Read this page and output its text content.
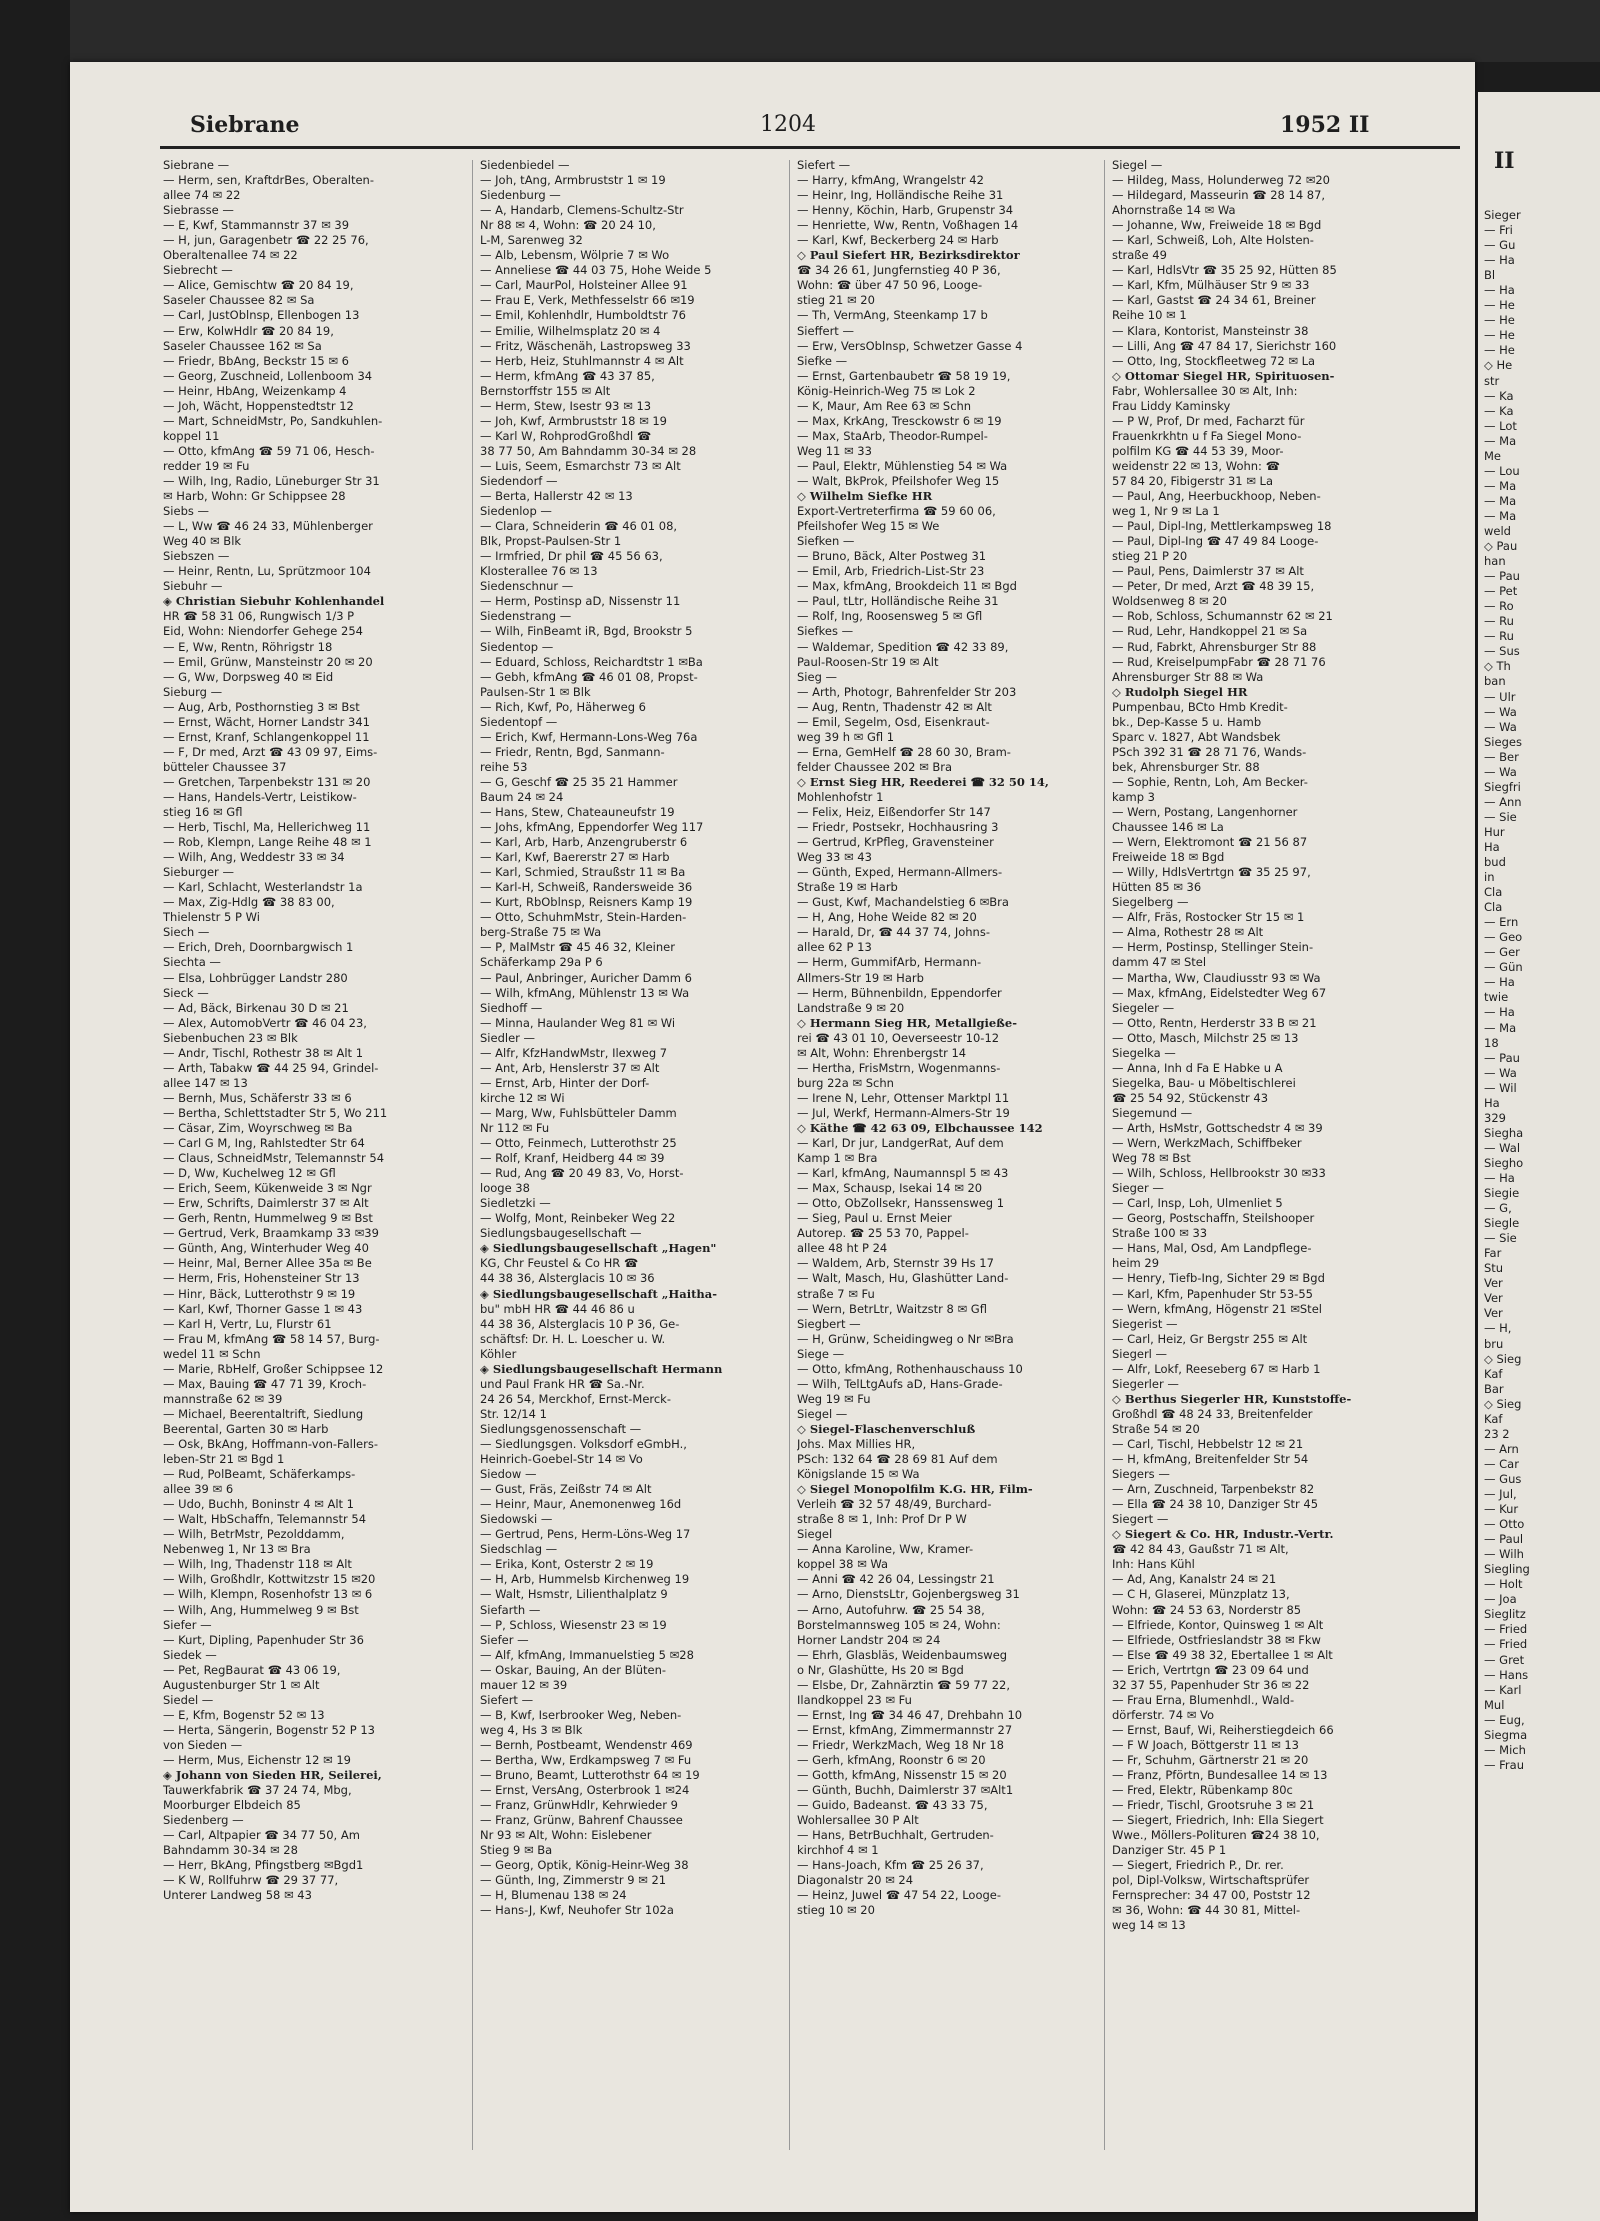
Siebrane	1204	1952 II
Siebrane —
— Herm, sen, KraftdrBes, Oberalten-
allee 74 ✉ 22
Siebrasse —
— E, Kwf, Stammannstr 37 ✉ 39
— H, jun, Garagenbetr ☎ 22 25 76,
Oberaltenallee 74 ✉ 22
Siebrecht —
— Alice, Gemischtw ☎ 20 84 19,
Saseler Chaussee 82 ✉ Sa
— Carl, JustOblnsp, Ellenbogen 13
— Erw, KolwHdlr ☎ 20 84 19,
Saseler Chaussee 162 ✉ Sa
— Friedr, BbAng, Beckstr 15 ✉ 6
— Georg, Zuschneid, Lollenboom 34
— Heinr, HbAng, Weizenkamp 4
— Joh, Wächt, Hoppenstedtstr 12
— Mart, SchneidMstr, Po, Sandkuhlen-
koppel 11
— Otto, kfmAng ☎ 59 71 06, Hesch-
redder 19 ✉ Fu
— Wilh, Ing, Radio, Lüneburger Str 31
✉ Harb, Wohn: Gr Schippsee 28
Siebs —
— L, Ww ☎ 46 24 33, Mühlenberger
Weg 40 ✉ Blk
Siebszen —
— Heinr, Rentn, Lu, Sprützmoor 104
Siebuhr —
◈ Christian Siebuhr Kohlenhandel
HR ☎ 58 31 06, Rungwisch 1/3 P
Eid, Wohn: Niendorfer Gehege 254
— E, Ww, Rentn, Röhrigstr 18
— Emil, Grünw, Mansteinstr 20 ✉ 20
— G, Ww, Dorpsweg 40 ✉ Eid
Sieburg —
— Aug, Arb, Posthornstieg 3 ✉ Bst
— Ernst, Wächt, Horner Landstr 341
— Ernst, Kranf, Schlangenkoppel 11
— F, Dr med, Arzt ☎ 43 09 97, Eims-
bütteler Chaussee 37
— Gretchen, Tarpenbekstr 131 ✉ 20
— Hans, Handels-Vertr, Leistikow-
stieg 16 ✉ Gfl
— Herb, Tischl, Ma, Hellerichweg 11
— Rob, Klempn, Lange Reihe 48 ✉ 1
— Wilh, Ang, Weddestr 33 ✉ 34
Sieburger —
— Karl, Schlacht, Westerlandstr 1a
— Max, Zig-Hdlg ☎ 38 83 00,
Thielenstr 5 P Wi
Siech —
— Erich, Dreh, Doornbargwisch 1
Siechta —
— Elsa, Lohbrügger Landstr 280
Sieck —
— Ad, Bäck, Birkenau 30 D ✉ 21
— Alex, AutomobVertr ☎ 46 04 23,
Siebenbuchen 23 ✉ Blk
— Andr, Tischl, Rothestr 38 ✉ Alt 1
— Arth, Tabakw ☎ 44 25 94, Grindel-
allee 147 ✉ 13
— Bernh, Mus, Schäferstr 33 ✉ 6
— Bertha, Schlettstadter Str 5, Wo 211
— Cäsar, Zim, Woyrschweg ✉ Ba
— Carl G M, Ing, Rahlstedter Str 64
— Claus, SchneidMstr, Telemannstr 54
— D, Ww, Kuchelweg 12 ✉ Gfl
— Erich, Seem, Kükenweide 3 ✉ Ngr
— Erw, Schrifts, Daimlerstr 37 ✉ Alt
— Gerh, Rentn, Hummelweg 9 ✉ Bst
— Gertrud, Verk, Braamkamp 33 ✉39
— Günth, Ang, Winterhuder Weg 40
— Heinr, Mal, Berner Allee 35a ✉ Be
— Herm, Fris, Hohensteiner Str 13
— Hinr, Bäck, Lutterothstr 9 ✉ 19
— Karl, Kwf, Thorner Gasse 1 ✉ 43
— Karl H, Vertr, Lu, Flurstr 61
— Frau M, kfmAng ☎ 58 14 57, Burg-
wedel 11 ✉ Schn
— Marie, RbHelf, Großer Schippsee 12
— Max, Bauing ☎ 47 71 39, Kroch-
mannstraße 62 ✉ 39
— Michael, Beerentaltrift, Siedlung
Beerental, Garten 30 ✉ Harb
— Osk, BkAng, Hoffmann-von-Fallers-
leben-Str 21 ✉ Bgd 1
— Rud, PolBeamt, Schäferkamps-
allee 39 ✉ 6
— Udo, Buchh, Boninstr 4 ✉ Alt 1
— Walt, HbSchaffn, Telemannstr 54
— Wilh, BetrMstr, Pezolddamm,
Nebenweg 1, Nr 13 ✉ Bra
— Wilh, Ing, Thadenstr 118 ✉ Alt
— Wilh, Großhdlr, Kottwitzstr 15 ✉20
— Wilh, Klempn, Rosenhofstr 13 ✉ 6
— Wilh, Ang, Hummelweg 9 ✉ Bst
Siefer —
— Kurt, Dipling, Papenhuder Str 36
Siedek —
— Pet, RegBaurat ☎ 43 06 19,
Augustenburger Str 1 ✉ Alt
Siedel —
— E, Kfm, Bogenstr 52 ✉ 13
— Herta, Sängerin, Bogenstr 52 P 13
von Sieden —
— Herm, Mus, Eichenstr 12 ✉ 19
◈ Johann von Sieden HR, Seilerei,
Tauwerkfabrik ☎ 37 24 74, Mbg,
Moorburger Elbdeich 85
Siedenberg —
— Carl, Altpapier ☎ 34 77 50, Am
Bahndamm 30-34 ✉ 28
— Herr, BkAng, Pfingstberg ✉Bgd1
— K W, Rollfuhrw ☎ 29 37 77,
Unterer Landweg 58 ✉ 43
Siedenbiedel —
— Joh, tAng, Armbruststr 1 ✉ 19
Siedenburg —
— A, Handarb, Clemens-Schultz-Str
Nr 88 ✉ 4, Wohn: ☎ 20 24 10,
L-M, Sarenweg 32
— Alb, Lebensm, Wölprie 7 ✉ Wo
— Anneliese ☎ 44 03 75, Hohe Weide 5
— Carl, MaurPol, Holsteiner Allee 91
— Frau E, Verk, Methfesselstr 66 ✉19
— Emil, Kohlenhdlr, Humboldtstr 76
— Emilie, Wilhelmsplatz 20 ✉ 4
— Fritz, Wäschenäh, Lastropsweg 33
— Herb, Heiz, Stuhlmannstr 4 ✉ Alt
— Herm, kfmAng ☎ 43 37 85,
Bernstorffstr 155 ✉ Alt
— Herm, Stew, Isestr 93 ✉ 13
— Joh, Kwf, Armbruststr 18 ✉ 19
— Karl W, RohprodGroßhdl ☎
38 77 50, Am Bahndamm 30-34 ✉ 28
— Luis, Seem, Esmarchstr 73 ✉ Alt
Siedendorf —
— Berta, Hallerstr 42 ✉ 13
Siedenlop —
— Clara, Schneiderin ☎ 46 01 08,
Blk, Propst-Paulsen-Str 1
— Irmfried, Dr phil ☎ 45 56 63,
Klosterallee 76 ✉ 13
Siedenschnur —
— Herm, Postinsp aD, Nissenstr 11
Siedenstrang —
— Wilh, FinBeamt iR, Bgd, Brookstr 5
Siedentop —
— Eduard, Schloss, Reichardtstr 1 ✉Ba
— Gebh, kfmAng ☎ 46 01 08, Propst-
Paulsen-Str 1 ✉ Blk
— Rich, Kwf, Po, Häherweg 6
Siedentopf —
— Erich, Kwf, Hermann-Lons-Weg 76a
— Friedr, Rentn, Bgd, Sanmann-
reihe 53
— G, Geschf ☎ 25 35 21 Hammer
Baum 24 ✉ 24
— Hans, Stew, Chateauneufstr 19
— Johs, kfmAng, Eppendorfer Weg 117
— Karl, Arb, Harb, Anzengruberstr 6
— Karl, Kwf, Baererstr 27 ✉ Harb
— Karl, Schmied, Straußstr 11 ✉ Ba
— Karl-H, Schweiß, Randersweide 36
— Kurt, RbOblnsp, Reisners Kamp 19
— Otto, SchuhmMstr, Stein-Harden-
berg-Straße 75 ✉ Wa
— P, MalMstr ☎ 45 46 32, Kleiner
Schäferkamp 29a P 6
— Paul, Anbringer, Auricher Damm 6
— Wilh, kfmAng, Mühlenstr 13 ✉ Wa
Siedhoff —
— Minna, Haulander Weg 81 ✉ Wi
Siedler —
— Alfr, KfzHandwMstr, Ilexweg 7
— Ant, Arb, Henslerstr 37 ✉ Alt
— Ernst, Arb, Hinter der Dorf-
kirche 12 ✉ Wi
— Marg, Ww, Fuhlsbütteler Damm
Nr 112 ✉ Fu
— Otto, Feinmech, Lutterothstr 25
— Rolf, Kranf, Heidberg 44 ✉ 39
— Rud, Ang ☎ 20 49 83, Vo, Horst-
looge 38
Siedletzki —
— Wolfg, Mont, Reinbeker Weg 22
Siedlungsbaugesellschaft —
◈ Siedlungsbaugesellschaft „Hagen"
KG, Chr Feustel & Co HR ☎
44 38 36, Alsterglacis 10 ✉ 36
◈ Siedlungsbaugesellschaft „Haitha-
bu" mbH HR ☎ 44 46 86 u
44 38 36, Alsterglacis 10 P 36, Ge-
schäftsf: Dr. H. L. Loescher u. W.
Köhler
◈ Siedlungsbaugesellschaft Hermann
und Paul Frank HR ☎ Sa.-Nr.
24 26 54, Merckhof, Ernst-Merck-
Str. 12/14 1
Siedlungsgenossenschaft —
— Siedlungsgen. Volksdorf eGmbH.,
Heinrich-Goebel-Str 14 ✉ Vo
Siedow —
— Gust, Fräs, Zeißstr 74 ✉ Alt
— Heinr, Maur, Anemonenweg 16d
Siedowski —
— Gertrud, Pens, Herm-Löns-Weg 17
Siedschlag —
— Erika, Kont, Osterstr 2 ✉ 19
— H, Arb, Hummelsb Kirchenweg 19
— Walt, Hsmstr, Lilienthalplatz 9
Siefarth —
— P, Schloss, Wiesenstr 23 ✉ 19
Siefer —
— Alf, kfmAng, Immanuelstieg 5 ✉28
— Oskar, Bauing, An der Blüten-
mauer 12 ✉ 39
Siefert —
— B, Kwf, Iserbrooker Weg, Neben-
weg 4, Hs 3 ✉ Blk
— Bernh, Postbeamt, Wendenstr 469
— Bertha, Ww, Erdkampsweg 7 ✉ Fu
— Bruno, Beamt, Lutterothstr 64 ✉ 19
— Ernst, VersAng, Osterbrook 1 ✉24
— Franz, GrünwHdlr, Kehrwieder 9
— Franz, Grünw, Bahrenf Chaussee
Nr 93 ✉ Alt, Wohn: Eislebener
Stieg 9 ✉ Ba
— Georg, Optik, König-Heinr-Weg 38
— Günth, Ing, Zimmerstr 9 ✉ 21
— H, Blumenau 138 ✉ 24
— Hans-J, Kwf, Neuhofer Str 102a
Siefert —
— Harry, kfmAng, Wrangelstr 42
— Heinr, Ing, Holländische Reihe 31
— Henny, Köchin, Harb, Grupenstr 34
— Henriette, Ww, Rentn, Voßhagen 14
— Karl, Kwf, Beckerberg 24 ✉ Harb
◇ Paul Siefert HR, Bezirksdirektor
☎ 34 26 61, Jungfernstieg 40 P 36,
Wohn: ☎ über 47 50 96, Looge-
stieg 21 ✉ 20
— Th, VermAng, Steenkamp 17 b
Sieffert —
— Erw, VersOblnsp, Schwetzer Gasse 4
Siefke —
— Ernst, Gartenbaubetr ☎ 58 19 19,
König-Heinrich-Weg 75 ✉ Lok 2
— K, Maur, Am Ree 63 ✉ Schn
— Max, KrkAng, Tresckowstr 6 ✉ 19
— Max, StaArb, Theodor-Rumpel-
Weg 11 ✉ 33
— Paul, Elektr, Mühlenstieg 54 ✉ Wa
— Walt, BkProk, Pfeilshofer Weg 15
◇ Wilhelm Siefke HR
Export-Vertreterfirma ☎ 59 60 06,
Pfeilshofer Weg 15 ✉ We
Siefken —
— Bruno, Bäck, Alter Postweg 31
— Emil, Arb, Friedrich-List-Str 23
— Max, kfmAng, Brookdeich 11 ✉ Bgd
— Paul, tLtr, Holländische Reihe 31
— Rolf, Ing, Roosensweg 5 ✉ Gfl
Siefkes —
— Waldemar, Spedition ☎ 42 33 89,
Paul-Roosen-Str 19 ✉ Alt
Sieg —
— Arth, Photogr, Bahrenfelder Str 203
— Aug, Rentn, Thadenstr 42 ✉ Alt
— Emil, Segelm, Osd, Eisenkraut-
weg 39 h ✉ Gfl 1
— Erna, GemHelf ☎ 28 60 30, Bram-
felder Chaussee 202 ✉ Bra
◇ Ernst Sieg HR, Reederei ☎ 32 50 14,
Mohlenhofstr 1
— Felix, Heiz, Eißendorfer Str 147
— Friedr, Postsekr, Hochhausring 3
— Gertrud, KrPfleg, Gravensteiner
Weg 33 ✉ 43
— Günth, Exped, Hermann-Allmers-
Straße 19 ✉ Harb
— Gust, Kwf, Machandelstieg 6 ✉Bra
— H, Ang, Hohe Weide 82 ✉ 20
— Harald, Dr, ☎ 44 37 74, Johns-
allee 62 P 13
— Herm, GummifArb, Hermann-
Allmers-Str 19 ✉ Harb
— Herm, Bühnenbildn, Eppendorfer
Landstraße 9 ✉ 20
◇ Hermann Sieg HR, Metallgieße-
rei ☎ 43 01 10, Oeverseestr 10-12
✉ Alt, Wohn: Ehrenbergstr 14
— Hertha, FrisMstrn, Wogenmanns-
burg 22a ✉ Schn
— Irene N, Lehr, Ottenser Marktpl 11
— Jul, Werkf, Hermann-Almers-Str 19
◇ Käthe ☎ 42 63 09, Elbchaussee 142
— Karl, Dr jur, LandgerRat, Auf dem
Kamp 1 ✉ Bra
— Karl, kfmAng, Naumannspl 5 ✉ 43
— Max, Schausp, Isekai 14 ✉ 20
— Otto, ObZollsekr, Hanssensweg 1
— Sieg, Paul u. Ernst Meier
Autorep. ☎ 25 53 70, Pappel-
allee 48 ht P 24
— Waldem, Arb, Sternstr 39 Hs 17
— Walt, Masch, Hu, Glashütter Land-
straße 7 ✉ Fu
— Wern, BetrLtr, Waitzstr 8 ✉ Gfl
Siegbert —
— H, Grünw, Scheidingweg o Nr ✉Bra
Siege —
— Otto, kfmAng, Rothenhauschauss 10
— Wilh, TelLtgAufs aD, Hans-Grade-
Weg 19 ✉ Fu
Siegel —
◇ Siegel-Flaschenverschluß
Johs. Max Millies HR,
PSch: 132 64 ☎ 28 69 81 Auf dem
Königslande 15 ✉ Wa
◇ Siegel Monopolfilm K.G. HR, Film-
Verleih ☎ 32 57 48/49, Burchard-
straße 8 ✉ 1, Inh: Prof Dr P W
Siegel
— Anna Karoline, Ww, Kramer-
koppel 38 ✉ Wa
— Anni ☎ 42 26 04, Lessingstr 21
— Arno, DienstsLtr, Gojenbergsweg 31
— Arno, Autofuhrw. ☎ 25 54 38,
Borstelmannsweg 105 ✉ 24, Wohn:
Horner Landstr 204 ✉ 24
— Ehrh, Glasbläs, Weidenbaumsweg
o Nr, Glashütte, Hs 20 ✉ Bgd
— Elsbe, Dr, Zahnärztin ☎ 59 77 22,
Ilandkoppel 23 ✉ Fu
— Ernst, Ing ☎ 34 46 47, Drehbahn 10
— Ernst, kfmAng, Zimmermannstr 27
— Friedr, WerkzMach, Weg 18 Nr 18
— Gerh, kfmAng, Roonstr 6 ✉ 20
— Gotth, kfmAng, Nissenstr 15 ✉ 20
— Günth, Buchh, Daimlerstr 37 ✉Alt1
— Guido, Badeanst. ☎ 43 33 75,
Wohlersallee 30 P Alt
— Hans, BetrBuchhalt, Gertruden-
kirchhof 4 ✉ 1
— Hans-Joach, Kfm ☎ 25 26 37,
Diagonalstr 20 ✉ 24
— Heinz, Juwel ☎ 47 54 22, Looge-
stieg 10 ✉ 20
Siegel —
— Hildeg, Mass, Holunderweg 72 ✉20
— Hildegard, Masseurin ☎ 28 14 87,
Ahornstraße 14 ✉ Wa
— Johanne, Ww, Freiweide 18 ✉ Bgd
— Karl, Schweiß, Loh, Alte Holsten-
straße 49
— Karl, HdlsVtr ☎ 35 25 92, Hütten 85
— Karl, Kfm, Mülhäuser Str 9 ✉ 33
— Karl, Gastst ☎ 24 34 61, Breiner
Reihe 10 ✉ 1
— Klara, Kontorist, Mansteinstr 38
— Lilli, Ang ☎ 47 84 17, Sierichstr 160
— Otto, Ing, Stockfleetweg 72 ✉ La
◇ Ottomar Siegel HR, Spirituosen-
Fabr, Wohlersallee 30 ✉ Alt, Inh:
Frau Liddy Kaminsky
— P W, Prof, Dr med, Facharzt für
Frauenkrkhtn u f Fa Siegel Mono-
polfilm KG ☎ 44 53 39, Moor-
weidenstr 22 ✉ 13, Wohn: ☎
57 84 20, Fibigerstr 31 ✉ La
— Paul, Ang, Heerbuckhoop, Neben-
weg 1, Nr 9 ✉ La 1
— Paul, Dipl-Ing, Mettlerkampsweg 18
— Paul, Dipl-Ing ☎ 47 49 84 Looge-
stieg 21 P 20
— Paul, Pens, Daimlerstr 37 ✉ Alt
— Peter, Dr med, Arzt ☎ 48 39 15,
Woldsenweg 8 ✉ 20
— Rob, Schloss, Schumannstr 62 ✉ 21
— Rud, Lehr, Handkoppel 21 ✉ Sa
— Rud, Fabrkt, Ahrensburger Str 88
— Rud, KreiselpumpFabr ☎ 28 71 76
Ahrensburger Str 88 ✉ Wa
◇ Rudolph Siegel HR
Pumpenbau, BCto Hmb Kredit-
bk., Dep-Kasse 5 u. Hamb
Sparc v. 1827, Abt Wandsbek
PSch 392 31 ☎ 28 71 76, Wands-
bek, Ahrensburger Str. 88
— Sophie, Rentn, Loh, Am Becker-
kamp 3
— Wern, Postang, Langenhorner
Chaussee 146 ✉ La
— Wern, Elektromont ☎ 21 56 87
Freiweide 18 ✉ Bgd
— Willy, HdlsVertrtgn ☎ 35 25 97,
Hütten 85 ✉ 36
Siegelberg —
— Alfr, Fräs, Rostocker Str 15 ✉ 1
— Alma, Rothestr 28 ✉ Alt
— Herm, Postinsp, Stellinger Stein-
damm 47 ✉ Stel
— Martha, Ww, Claudiusstr 93 ✉ Wa
— Max, kfmAng, Eidelstedter Weg 67
Siegeler —
— Otto, Rentn, Herderstr 33 B ✉ 21
— Otto, Masch, Milchstr 25 ✉ 13
Siegelka —
— Anna, Inh d Fa E Habke u A
Siegelka, Bau- u Möbeltischlerei
☎ 25 54 92, Stückenstr 43
Siegemund —
— Arth, HsMstr, Gottschedstr 4 ✉ 39
— Wern, WerkzMach, Schiffbeker
Weg 78 ✉ Bst
— Wilh, Schloss, Hellbrookstr 30 ✉33
Sieger —
— Carl, Insp, Loh, Ulmenliet 5
— Georg, Postschaffn, Steilshooper
Straße 100 ✉ 33
— Hans, Mal, Osd, Am Landpflege-
heim 29
— Henry, Tiefb-Ing, Sichter 29 ✉ Bgd
— Karl, Kfm, Papenhuder Str 53-55
— Wern, kfmAng, Högenstr 21 ✉Stel
Siegerist —
— Carl, Heiz, Gr Bergstr 255 ✉ Alt
Siegerl —
— Alfr, Lokf, Reeseberg 67 ✉ Harb 1
Siegerler —
◇ Berthus Siegerler HR, Kunststoffe-
Großhdl ☎ 48 24 33, Breitenfelder
Straße 54 ✉ 20
— Carl, Tischl, Hebbelstr 12 ✉ 21
— H, kfmAng, Breitenfelder Str 54
Siegers —
— Arn, Zuschneid, Tarpenbekstr 82
— Ella ☎ 24 38 10, Danziger Str 45
Siegert —
◇ Siegert & Co. HR, Industr.-Vertr.
☎ 42 84 43, Gaußstr 71 ✉ Alt,
Inh: Hans Kühl
— Ad, Ang, Kanalstr 24 ✉ 21
— C H, Glaserei, Münzplatz 13,
Wohn: ☎ 24 53 63, Norderstr 85
— Elfriede, Kontor, Quinsweg 1 ✉ Alt
— Elfriede, Ostfrieslandstr 38 ✉ Fkw
— Else ☎ 49 38 32, Ebertallee 1 ✉ Alt
— Erich, Vertrtgn ☎ 23 09 64 und
32 37 55, Papenhuder Str 36 ✉ 22
— Frau Erna, Blumenhdl., Wald-
dörferstr. 74 ✉ Vo
— Ernst, Bauf, Wi, Reiherstiegdeich 66
— F W Joach, Böttgerstr 11 ✉ 13
— Fr, Schuhm, Gärtnerstr 21 ✉ 20
— Franz, Pförtn, Bundesallee 14 ✉ 13
— Fred, Elektr, Rübenkamp 80c
— Friedr, Tischl, Grootsruhe 3 ✉ 21
— Siegert, Friedrich, Inh: Ella Siegert
Wwe., Möllers-Polituren ☎24 38 10,
Danziger Str. 45 P 1
— Siegert, Friedrich P., Dr. rer.
pol, Dipl-Volksw, Wirtschaftsprüfer
Fernsprecher: 34 47 00, Poststr 12
✉ 36, Wohn: ☎ 44 30 81, Mittel-
weg 14 ✉ 13
II
Sieger
— Fri
— Gu
— Ha
Bl
— Ha
— He
— He
— He
— He
◇ He
str
— Ka
— Ka
— Lot
— Ma
Me
— Lou
— Ma
— Ma
— Ma
weld
◇ Pau
han
— Pau
— Pet
— Ro
— Ru
— Ru
— Sus
◇ Th
ban
— Ulr
— Wa
— Wa
Sieges
— Ber
— Wa
Siegfri
— Ann
— Sie
Hur
Ha
bud
in
Cla
Cla
— Ern
— Geo
— Ger
— Gün
— Ha
twie
— Ha
— Ma
18
— Pau
— Wa
— Wil
Ha
329
Siegha
— Wal
Siegho
— Ha
Siegie
— G,
Siegle
— Sie
Far
Stu
Ver
Ver
Ver
— H,
bru
◇ Sieg
Kaf
Bar
◇ Sieg
Kaf
23 2
— Arn
— Car
— Gus
— Jul,
— Kur
— Otto
— Paul
— Wilh
Siegling
— Holt
— Joa
Sieglitz
— Fried
— Fried
— Gret
— Hans
— Karl
Mul
— Eug,
Siegma
— Mich
— Frau
